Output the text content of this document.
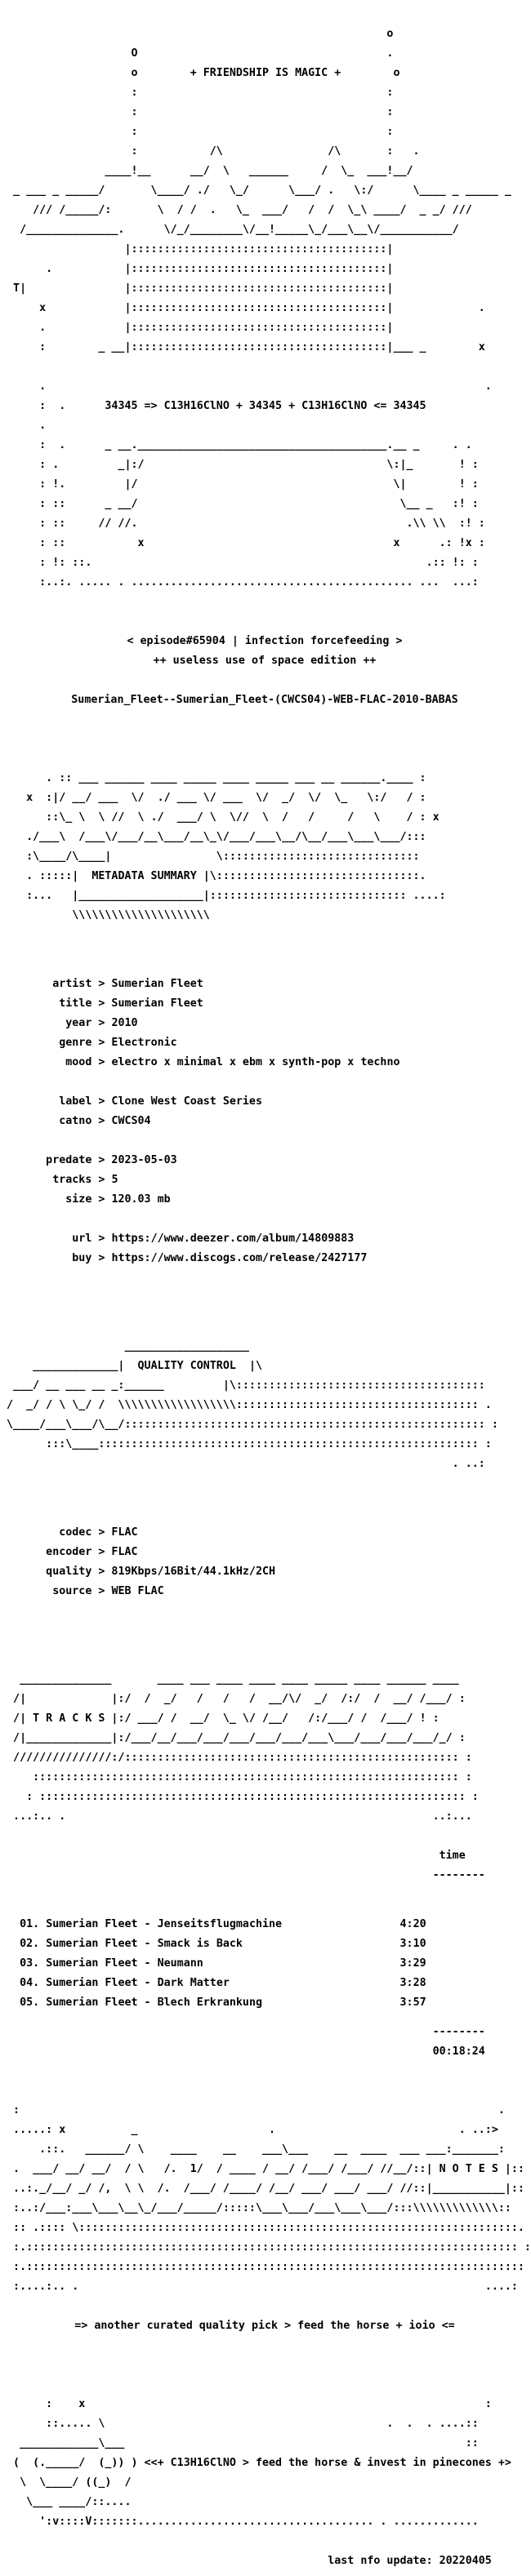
o

O                                      .

o        + FRIENDSHIP IS MAGIC +        o

:                                      :

:                                      :

:                                      :

:           /\                /\       :   .

____!__      __/  \   ______     /  \_  ___!__/

_ ___ _ _____/       \____/ ./   \_/      \___/ .   \:/      \____ _ _____ _

/// /_____/:       \  / /  .   \_  ___/   /  /  \_\ ____/  _ _/ ///

/______________.      \/_/________\/__!_____\_/___\__\/___________/

|:::::::::::::::::::::::::::::::::::::::|

.           |:::::::::::::::::::::::::::::::::::::::|

T|               |:::::::::::::::::::::::::::::::::::::::|

x            |:::::::::::::::::::::::::::::::::::::::|             .

.            |:::::::::::::::::::::::::::::::::::::::|

:        _ __|:::::::::::::::::::::::::::::::::::::::|___ _        x

.                                                                   .

:  .      34345 => C13H16ClNO + 34345 + C13H16ClNO <= 34345

.

:  .      _ __.______________________________________.__ _     . .

: .         _|:/                                     \:|_       ! :

: !.         |/                                       \|        ! :

: ::      _ __/                                        \__ _   :! :

: ::     // //.                                         .\\ \\  :! :

: ::           x                                      x      .: !x :

: !: ::.                                                   .:: !: :

:..:. ..... . ........................................... ...  ...:

< episode#65904 | infection forcefeeding >

++ useless use of space edition ++

Sumerian_Fleet--Sumerian_Fleet-(CWCS04)-WEB-FLAC-2010-BABAS

. :: ___ ______ ____ _____ ____ _____ ___ __ ______.____ :

x  :|/ __/ ___  \/  ./ ___ \/ ___  \/  _/  \/  \_   \:/   / :

::\_ \  \ //  \ ./  ___/ \  \//  \  /   /     /   \    / : x

./___\  /___\/___/__\___/__\_\/___/___\__/\__/___\___\___/:::

:\____/\____|                \::::::::::::::::::::::::::::::

. :::::|  METADATA SUMMARY |\:::::::::::::::::::::::::::::::.

:...   |___________________|:::::::::::::::::::::::::::::: ....:

\\\\\\\\\\\\\\\\\\\\\

artist > Sumerian Fleet

title > Sumerian Fleet

year > 2010

genre > Electronic

mood > electro x minimal x ebm x synth-pop x techno

label > Clone West Coast Series

catno > CWCS04

predate > 2023-05-03

tracks > 5

size > 120.03 mb

url > https://www.deezer.com/album/14809883

buy > https://www.discogs.com/release/2427177

___________________

_____________|  QUALITY CONTROL  |\

___/ __ ___ __ _:______         |\::::::::::::::::::::::::::::::::::::::

/  _/ / \ \_/ /  \\\\\\\\\\\\\\\\\\::::::::::::::::::::::::::::::::::::: .

\____/___\___/\__/::::::::::::::::::::::::::::::::::::::::::::::::::::::: :

:::\____:::::::::::::::::::::::::::::::::::::::::::::::::::::::::: :

. ..:

codec > FLAC

encoder > FLAC

quality > 819Kbps/16Bit/44.1kHz/2CH

source > WEB FLAC

______________       ____ ___ ____ ____ ____ _____ ____ ______ ____

/|             |:/  /  _/   /   /   /  __/\/  _/  /:/  /  __/ /___/ :

/| T R A C K S |:/ ___/ /  __/  \_ \/ /__/   /:/___/ /  /___/ ! :

/|_____________|:/___/__/___/___/___/___/___/___\___/___/___/___/_/ :

///////////////:/::::::::::::::::::::::::::::::::::::::::::::::::::: :

::::::::::::::::::::::::::::::::::::::::::::::::::::::::::::::::: :

: ::::::::::::::::::::::::::::::::::::::::::::::::::::::::::::::::: :

...:.. .                                                        ..:...

time

--------

01. Sumerian Fleet - Jenseitsflugmachine	4:20

02. Sumerian Fleet - Smack is Back	3:10

03. Sumerian Fleet - Neumann	3:29

04. Sumerian Fleet - Dark Matter	3:28

05. Sumerian Fleet - Blech Erkrankung	3:57

--------

00:18:24

:                                                                         .

.....: x          _                    .                            . ..:>

.::.   ______/ \    ____    __    ___\___    __  ____  ___ ___:_______:

.  ___/ __/ __/  / \   /.  1/  / ____ / __/ /___/ /___/ //__/::| N O T E S |::

..:._/__/ _/ /,  \ \  /.  /___/ /____/ /__/ ___/ ___/ ___/ //::|___________|::

:..:/___:___\___\__\_/___/_____/:::::\___\___/___\___\___/:::\\\\\\\\\\\\\::

:: .:::: \:::::::::::::::::::::::::::::::::::::::::::::::::::::::::::::::::::.

:.::::::::::::::::::::::::::::::::::::::::::::::::::::::::::::::::::::::::::: :

:.::::::::::::::::::::::::::::::::::::::::::::::::::::::::::::::::::::::::::::

:....:.. .                                                              ....:

=> another curated quality pick > feed the horse + ioio <=

:    x                                                             :

::..... \                                           .  .  . ....::

____________\___                                                    ::

(  (._____/  (_)) ) <<+ C13H16ClNO > feed the horse & invest in pinecones +>

\  \____/ ((_)  /

\___ ____/::....

':v::::V:::::::.................................... . .............

last nfo update: 20220405
